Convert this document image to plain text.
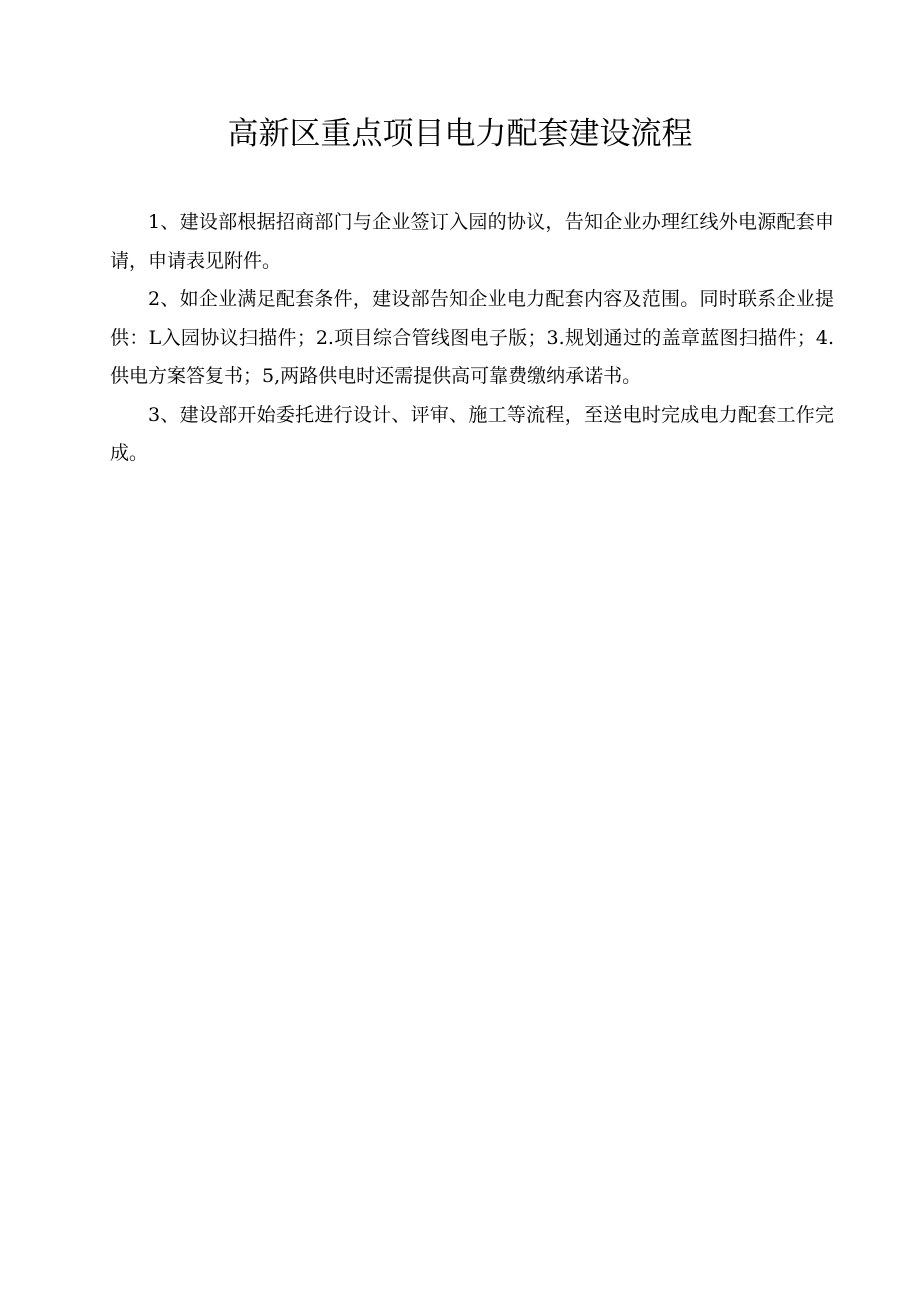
高新区重点项目电力配套建设流程

1、建设部根据招商部门与企业签订入园的协议，告知企业办理红线外电源配套申请，申请表见附件。

2、如企业满足配套条件，建设部告知企业电力配套内容及范围。同时联系企业提供：L入园协议扫描件；2.项目综合管线图电子版；3.规划通过的盖章蓝图扫描件；4.供电方案答复书；5,两路供电时还需提供高可靠费缴纳承诺书。

3、建设部开始委托进行设计、评审、施工等流程，至送电时完成电力配套工作完成。
